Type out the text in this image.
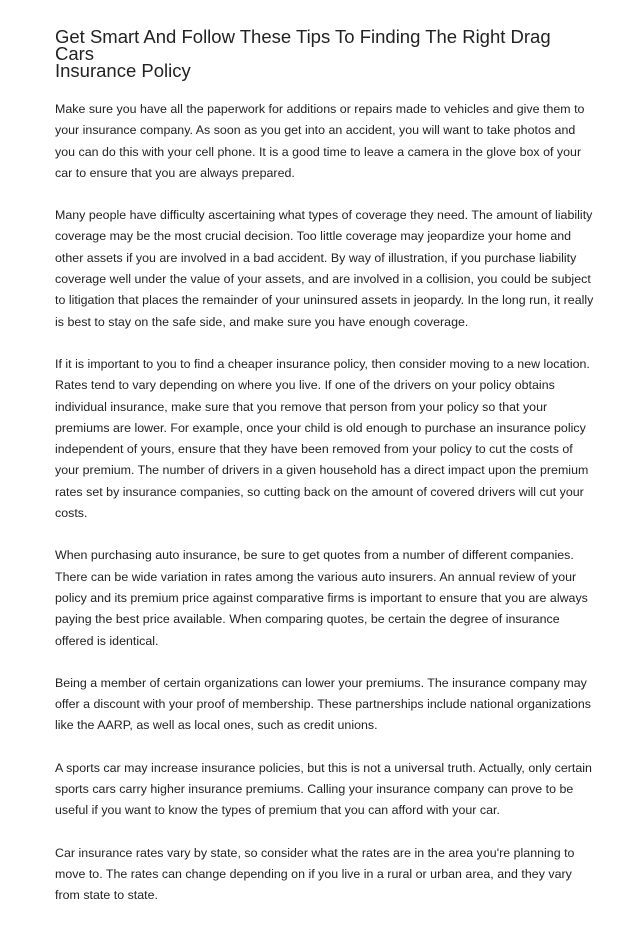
Get Smart And Follow These Tips To Finding The Right Drag
Cars
Insurance Policy

Make sure you have all the paperwork for additions or repairs made to vehicles and give them to your insurance company. As soon as you get into an accident, you will want to take photos and you can do this with your cell phone. It is a good time to leave a camera in the glove box of your car to ensure that you are always prepared.

Many people have difficulty ascertaining what types of coverage they need. The amount of liability coverage may be the most crucial decision. Too little coverage may jeopardize your home and other assets if you are involved in a bad accident. By way of illustration, if you purchase liability coverage well under the value of your assets, and are involved in a collision, you could be subject to litigation that places the remainder of your uninsured assets in jeopardy. In the long run, it really is best to stay on the safe side, and make sure you have enough coverage.

If it is important to you to find a cheaper insurance policy, then consider moving to a new location. Rates tend to vary depending on where you live. If one of the drivers on your policy obtains individual insurance, make sure that you remove that person from your policy so that your premiums are lower. For example, once your child is old enough to purchase an insurance policy independent of yours, ensure that they have been removed from your policy to cut the costs of your premium. The number of drivers in a given household has a direct impact upon the premium rates set by insurance companies, so cutting back on the amount of covered drivers will cut your costs.

When purchasing auto insurance, be sure to get quotes from a number of different companies. There can be wide variation in rates among the various auto insurers. An annual review of your policy and its premium price against comparative firms is important to ensure that you are always paying the best price available. When comparing quotes, be certain the degree of insurance offered is identical.

Being a member of certain organizations can lower your premiums. The insurance company may offer a discount with your proof of membership. These partnerships include national organizations like the AARP, as well as local ones, such as credit unions.

A sports car may increase insurance policies, but this is not a universal truth. Actually, only certain sports cars carry higher insurance premiums. Calling your insurance company can prove to be useful if you want to know the types of premium that you can afford with your car.

Car insurance rates vary by state, so consider what the rates are in the area you're planning to move to. The rates can change depending on if you live in a rural or urban area, and they vary from state to state.
